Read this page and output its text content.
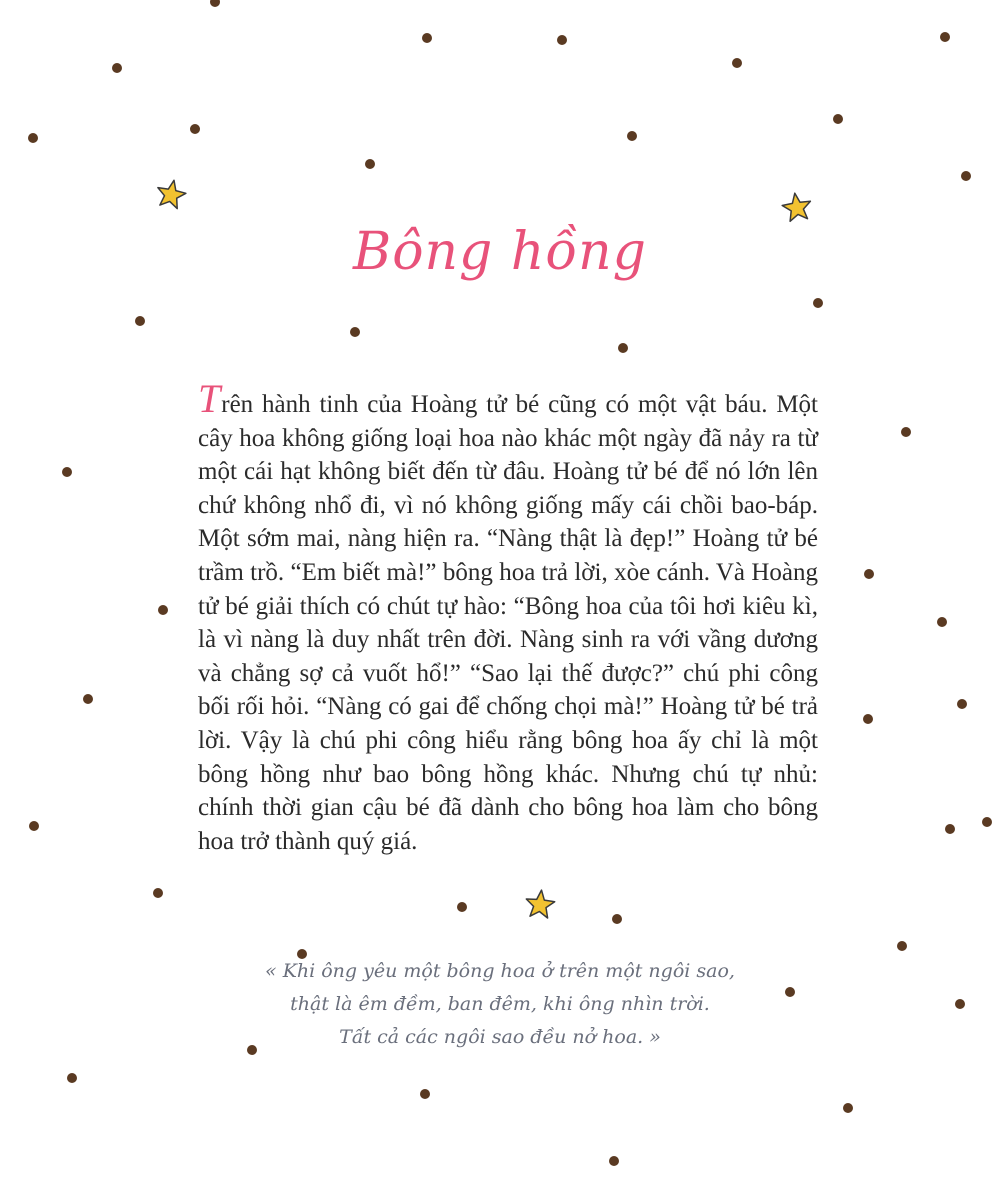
Bông hồng

Trên hành tinh của Hoàng tử bé cũng có một vật báu. Một cây hoa không giống loại hoa nào khác một ngày đã nảy ra từ một cái hạt không biết đến từ đâu. Hoàng tử bé để nó lớn lên chứ không nhổ đi, vì nó không giống mấy cái chồi bao-báp. Một sớm mai, nàng hiện ra. “Nàng thật là đẹp!” Hoàng tử bé trầm trồ. “Em biết mà!” bông hoa trả lời, xòe cánh. Và Hoàng tử bé giải thích có chút tự hào: “Bông hoa của tôi hơi kiêu kì, là vì nàng là duy nhất trên đời. Nàng sinh ra với vầng dương và chẳng sợ cả vuốt hổ!” “Sao lại thế được?” chú phi công bối rối hỏi. “Nàng có gai để chống chọi mà!” Hoàng tử bé trả lời. Vậy là chú phi công hiểu rằng bông hoa ấy chỉ là một bông hồng như bao bông hồng khác. Nhưng chú tự nhủ: chính thời gian cậu bé đã dành cho bông hoa làm cho bông hoa trở thành quý giá.

« Khi ông yêu một bông hoa ở trên một ngôi sao,
thật là êm đềm, ban đêm, khi ông nhìn trời.
Tất cả các ngôi sao đều nở hoa. »
